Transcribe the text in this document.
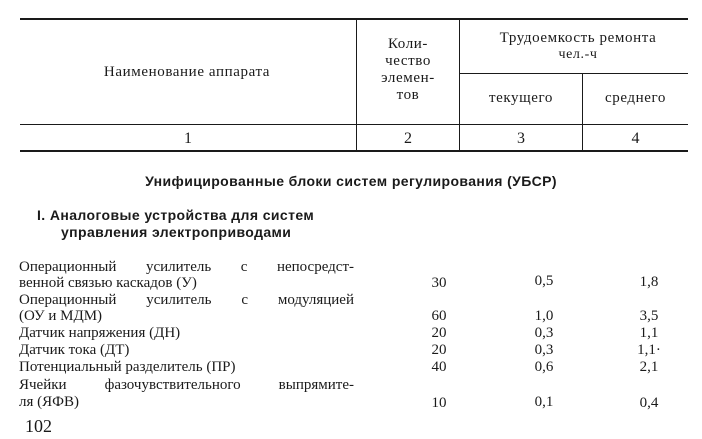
Наименование аппарата
Коли-
чество
элемен-
тов
Трудоемкость ремонта
чел.-ч
текущего	среднего
1	2	3	4
Унифицированные блоки систем регулирования (УБСР)
I. Аналоговые устройства для систем
управления электроприводами
Операционный усилитель с непосредст-
венной связью каскадов (У)	30	0,5	1,8
Операционный усилитель с модуляцией
(ОУ и МДМ)	60	1,0	3,5
Датчик напряжения (ДН)	20	0,3	1,1
Датчик тока (ДТ)	20	0,3	1,1·
Потенциальный разделитель (ПР)	40	0,6	2,1
Ячейки фазочувствительного выпрямите-
ля (ЯФВ)	10	0,1	0,4
102
